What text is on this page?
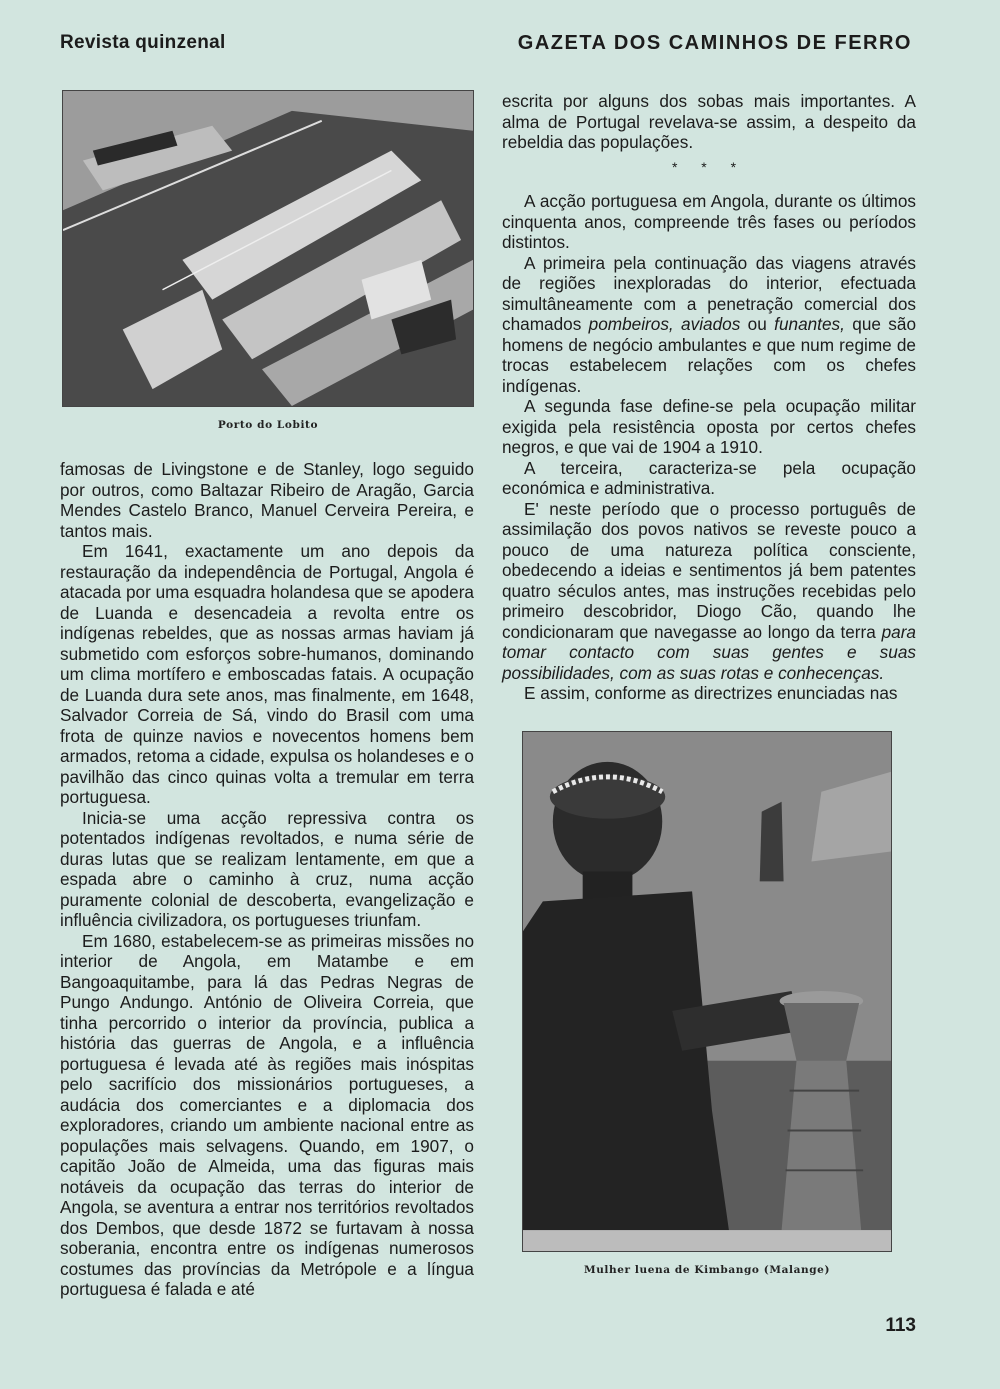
Revista quinzenal	GAZETA DOS CAMINHOS DE FERRO
Porto do Lobito

famosas de Livingstone e de Stanley, logo seguido por outros, como Baltazar Ribeiro de Aragão, Garcia Mendes Castelo Branco, Manuel Cerveira Pereira, e tantos mais.

Em 1641, exactamente um ano depois da restauração da independência de Portugal, Angola é atacada por uma esquadra holandesa que se apodera de Luanda e desencadeia a revolta entre os indígenas rebeldes, que as nossas armas haviam já submetido com esforços sobre-humanos, dominando um clima mortífero e emboscadas fatais. A ocupação de Luanda dura sete anos, mas finalmente, em 1648, Salvador Correia de Sá, vindo do Brasil com uma frota de quinze navios e novecentos homens bem armados, retoma a cidade, expulsa os holandeses e o pavilhão das cinco quinas volta a tremular em terra portuguesa.

Inicia-se uma acção repressiva contra os potentados indígenas revoltados, e numa série de duras lutas que se realizam lentamente, em que a espada abre o caminho à cruz, numa acção puramente colonial de descoberta, evangelização e influência civilizadora, os portugueses triunfam.

Em 1680, estabelecem-se as primeiras missões no interior de Angola, em Matambe e em Bangoaquitambe, para lá das Pedras Negras de Pungo Andungo. António de Oliveira Correia, que tinha percorrido o interior da província, publica a história das guerras de Angola, e a influência portuguesa é levada até às regiões mais inóspitas pelo sacrifício dos missionários portugueses, a audácia dos comerciantes e a diplomacia dos exploradores, criando um ambiente nacional entre as populações mais selvagens. Quando, em 1907, o capitão João de Almeida, uma das figuras mais notáveis da ocupação das terras do interior de Angola, se aventura a entrar nos territórios revoltados dos Dembos, que desde 1872 se furtavam à nossa soberania, encontra entre os indígenas numerosos costumes das províncias da Metrópole e a língua portuguesa é falada e até

escrita por alguns dos sobas mais importantes. A alma de Portugal revelava-se assim, a despeito da rebeldia das populações.

* * *

A acção portuguesa em Angola, durante os últimos cinquenta anos, compreende três fases ou períodos distintos.

A primeira pela continuação das viagens através de regiões inexploradas do interior, efectuada simultâneamente com a penetração comercial dos chamados pombeiros, aviados ou funantes, que são homens de negócio ambulantes e que num regime de trocas estabelecem relações com os chefes indígenas.

A segunda fase define-se pela ocupação militar exigida pela resistência oposta por certos chefes negros, e que vai de 1904 a 1910.

A terceira, caracteriza-se pela ocupação económica e administrativa.

E' neste período que o processo português de assimilação dos povos nativos se reveste pouco a pouco de uma natureza política consciente, obedecendo a ideias e sentimentos já bem patentes quatro séculos antes, mas instruções recebidas pelo primeiro descobridor, Diogo Cão, quando lhe condicionaram que navegasse ao longo da terra para tomar contacto com suas gentes e suas possibilidades, com as suas rotas e conhecenças.

E assim, conforme as directrizes enunciadas nas

Mulher luena de Kimbango (Malange)
113
